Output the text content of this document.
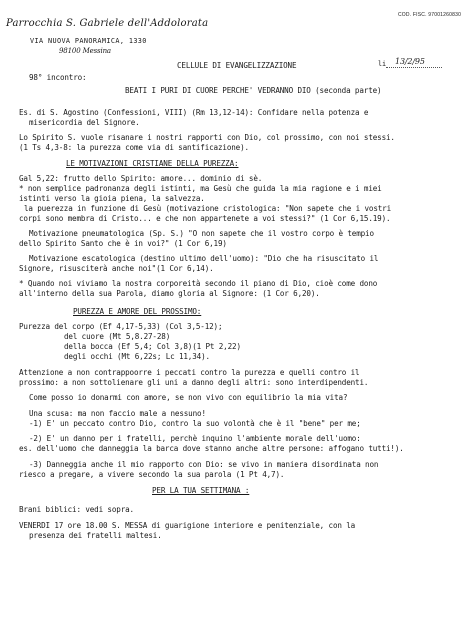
Parrocchia S. Gabriele dell'Addolorata
VIA NUOVA PANORAMICA, 1330
98100 Messina
COD. FISC. 97001260830
li 13/2/95
CELLULE DI EVANGELIZZAZIONE
98° incontro:
BEATI I PURI DI CUORE PERCHE' VEDRANNO DIO (seconda parte)
Es. di S. Agostino (Confessioni, VIII) (Rm 13,12-14): Confidare nella potenza e
misericordia del Signore.
Lo Spirito S. vuole risanare i nostri rapporti con Dio, col prossimo, con noi stessi.
(1 Ts 4,3-8: la purezza come via di santificazione).
LE MOTIVAZIONI CRISTIANE DELLA PUREZZA:
Gal 5,22: frutto dello Spirito: amore... dominio di sè.
* non semplice padronanza degli istinti, ma Gesù che guida la mia ragione e i miei
istinti verso la gioia piena, la salvezza.
la puerezza in funzione di Gesù (motivazione cristologica: "Non sapete che i vostri
corpi sono membra di Cristo... e che non appartenete a voi stessi?" (1 Cor 6,15.19).
Motivazione pneumatologica (Sp. S.) "O non sapete che il vostro corpo è tempio
dello Spirito Santo che è in voi?" (1 Cor 6,19)
Motivazione escatologica (destino ultimo dell'uomo): "Dio che ha risuscitato il
Signore, risusciterà anche noi"(1 Cor 6,14).
* Quando noi viviamo la nostra corporeità secondo il piano di Dio, cioè come dono
all'interno della sua Parola, diamo gloria al Signore: (1 Cor 6,20).
PUREZZA E AMORE DEL PROSSIMO:
Purezza del corpo (Ef 4,17-5,33) (Col 3,5-12);
del cuore (Mt 5,8.27-28)
della bocca (Ef 5,4; Col 3,8)(1 Pt 2,22)
degli occhi (Mt 6,22s; Lc 11,34).
Attenzione a non contrappoorre i peccati contro la purezza e quelli contro il
prossimo: a non sottolienare gli uni a danno degli altri: sono interdipendenti.
Come posso io donarmi con amore, se non vivo con equilibrio la mia vita?
Una scusa: ma non faccio male a nessuno!
-1) E' un peccato contro Dio, contro la suo volontà che è il "bene" per me;
-2) E' un danno per i fratelli, perchè inquino l'ambiente morale dell'uomo:
es. dell'uomo che danneggia la barca dove stanno anche altre persone: affogano tutti!).
-3) Danneggia anche il mio rapporto con Dio: se vivo in maniera disordinata non
riesco a pregare, a vivere secondo la sua parola (1 Pt 4,7).
PER LA TUA SETTIMANA :
Brani biblici: vedi sopra.
VENERDI 17 ore 18.00 S. MESSA di guarigione interiore e penitenziale, con la
presenza dei fratelli maltesi.
